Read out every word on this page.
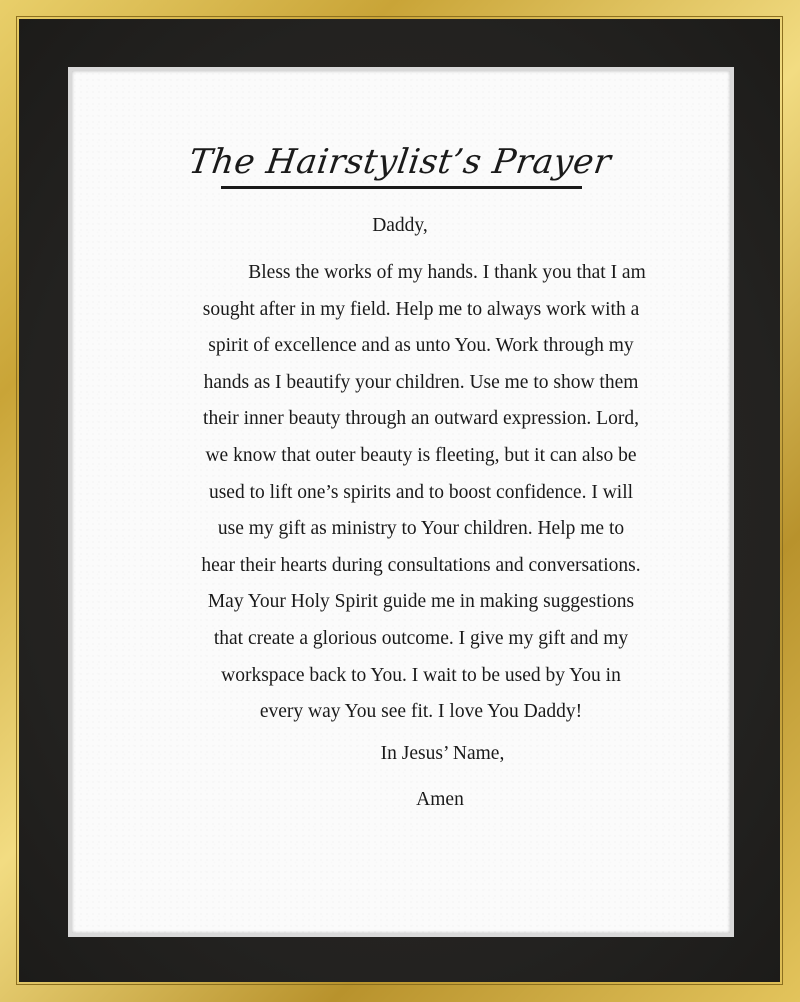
The Hairstylist’s Prayer
Daddy,
Bless the works of my hands. I thank you that I am
sought after in my field. Help me to always work with a
spirit of excellence and as unto You. Work through my
hands as I beautify your children. Use me to show them
their inner beauty through an outward expression. Lord,
we know that outer beauty is fleeting, but it can also be
used to lift one’s spirits and to boost confidence. I will
use my gift as ministry to Your children. Help me to
hear their hearts during consultations and conversations.
May Your Holy Spirit guide me in making suggestions
that create a glorious outcome. I give my gift and my
workspace back to You. I wait to be used by You in
every way You see fit. I love You Daddy!
In Jesus’ Name,
Amen
